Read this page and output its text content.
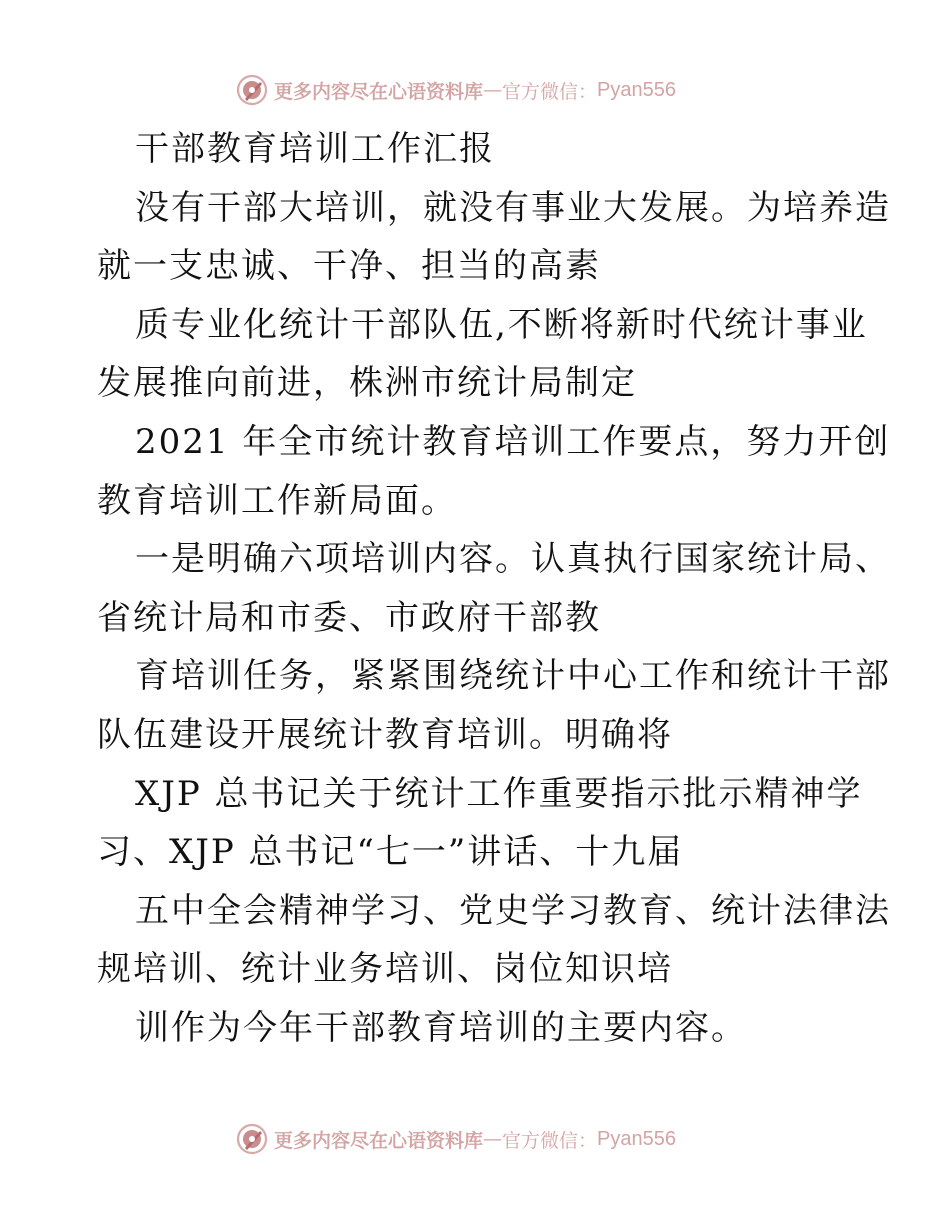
更多内容尽在心语资料库 — 官方微信： Pyan556
干部教育培训工作汇报
没有干部大培训，就没有事业大发展。为培养造
就一支忠诚、干净、担当的高素
质专业化统计干部队伍,不断将新时代统计事业
发展推向前进，株洲市统计局制定
2021 年全市统计教育培训工作要点，努力开创
教育培训工作新局面。
一是明确六项培训内容。认真执行国家统计局、
省统计局和市委、市政府干部教
育培训任务，紧紧围绕统计中心工作和统计干部
队伍建设开展统计教育培训。明确将
XJP 总书记关于统计工作重要指示批示精神学
习、XJP 总书记“七一”讲话、十九届
五中全会精神学习、党史学习教育、统计法律法
规培训、统计业务培训、岗位知识培
训作为今年干部教育培训的主要内容。
更多内容尽在心语资料库 — 官方微信： Pyan556
